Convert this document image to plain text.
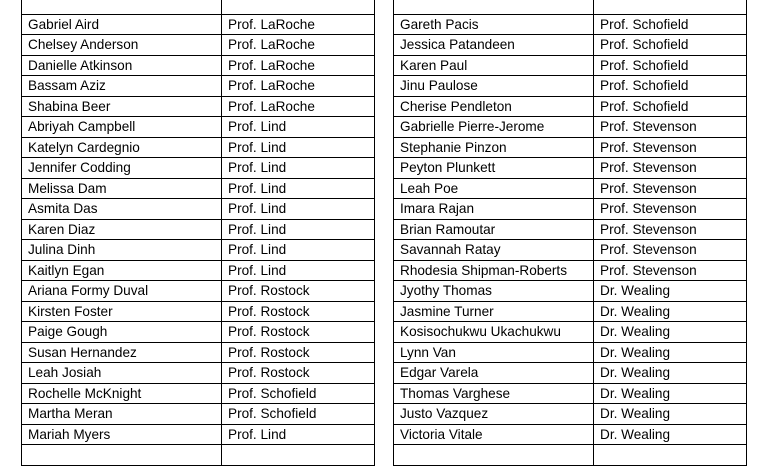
Gabriel Aird	Prof. LaRoche
Chelsey Anderson	Prof. LaRoche
Danielle Atkinson	Prof. LaRoche
Bassam Aziz	Prof. LaRoche
Shabina Beer	Prof. LaRoche
Abriyah Campbell	Prof. Lind
Katelyn Cardegnio	Prof. Lind
Jennifer Codding	Prof. Lind
Melissa Dam	Prof. Lind
Asmita Das	Prof. Lind
Karen Diaz	Prof. Lind
Julina Dinh	Prof. Lind
Kaitlyn Egan	Prof. Lind
Ariana Formy Duval	Prof. Rostock
Kirsten Foster	Prof. Rostock
Paige Gough	Prof. Rostock
Susan Hernandez	Prof. Rostock
Leah Josiah	Prof. Rostock
Rochelle McKnight	Prof. Schofield
Martha Meran	Prof. Schofield
Mariah Myers	Prof. Lind

Gareth Pacis	Prof. Schofield
Jessica Patandeen	Prof. Schofield
Karen Paul	Prof. Schofield
Jinu Paulose	Prof. Schofield
Cherise Pendleton	Prof. Schofield
Gabrielle Pierre-Jerome	Prof. Stevenson
Stephanie Pinzon	Prof. Stevenson
Peyton Plunkett	Prof. Stevenson
Leah Poe	Prof. Stevenson
Imara Rajan	Prof. Stevenson
Brian Ramoutar	Prof. Stevenson
Savannah Ratay	Prof. Stevenson
Rhodesia Shipman-Roberts	Prof. Stevenson
Jyothy Thomas	Dr. Wealing
Jasmine Turner	Dr. Wealing
Kosisochukwu Ukachukwu	Dr. Wealing
Lynn Van	Dr. Wealing
Edgar Varela	Dr. Wealing
Thomas Varghese	Dr. Wealing
Justo Vazquez	Dr. Wealing
Victoria Vitale	Dr. Wealing
